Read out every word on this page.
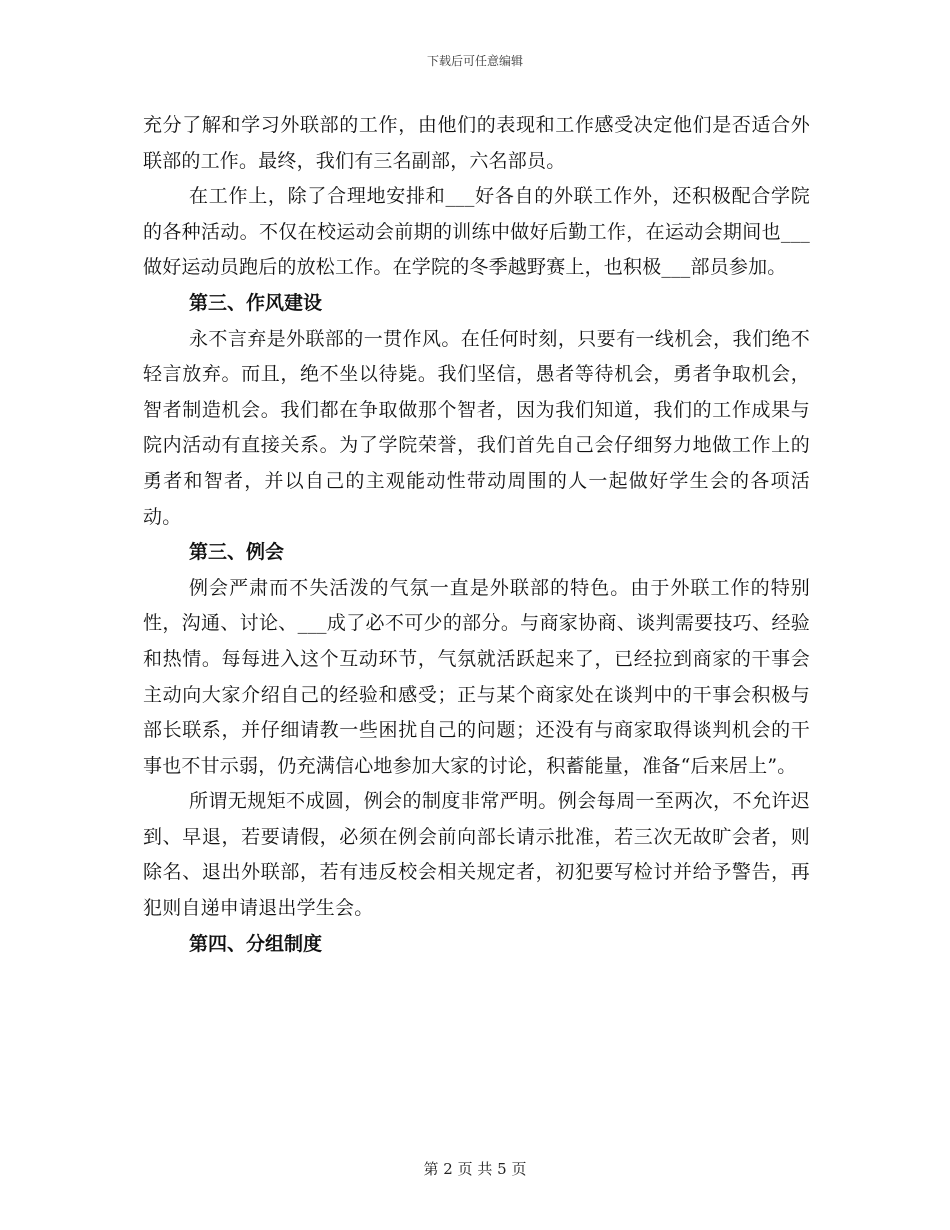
下载后可任意编辑

充分了解和学习外联部的工作，由他们的表现和工作感受决定他们是否适合外联部的工作。最终，我们有三名副部，六名部员。

在工作上，除了合理地安排和___好各自的外联工作外，还积极配合学院的各种活动。不仅在校运动会前期的训练中做好后勤工作，在运动会期间也___做好运动员跑后的放松工作。在学院的冬季越野赛上，也积极___部员参加。

第三、作风建设

永不言弃是外联部的一贯作风。在任何时刻，只要有一线机会，我们绝不轻言放弃。而且，绝不坐以待毙。我们坚信，愚者等待机会，勇者争取机会，智者制造机会。我们都在争取做那个智者，因为我们知道，我们的工作成果与院内活动有直接关系。为了学院荣誉，我们首先自己会仔细努力地做工作上的勇者和智者，并以自己的主观能动性带动周围的人一起做好学生会的各项活动。

第三、例会

例会严肃而不失活泼的气氛一直是外联部的特色。由于外联工作的特别性，沟通、讨论、___成了必不可少的部分。与商家协商、谈判需要技巧、经验和热情。每每进入这个互动环节，气氛就活跃起来了，已经拉到商家的干事会主动向大家介绍自己的经验和感受；正与某个商家处在谈判中的干事会积极与部长联系，并仔细请教一些困扰自己的问题；还没有与商家取得谈判机会的干事也不甘示弱，仍充满信心地参加大家的讨论，积蓄能量，准备“后来居上”。

所谓无规矩不成圆，例会的制度非常严明。例会每周一至两次，不允许迟到、早退，若要请假，必须在例会前向部长请示批准，若三次无故旷会者，则除名、退出外联部，若有违反校会相关规定者，初犯要写检讨并给予警告，再犯则自递申请退出学生会。

第四、分组制度

第 2 页 共 5 页
